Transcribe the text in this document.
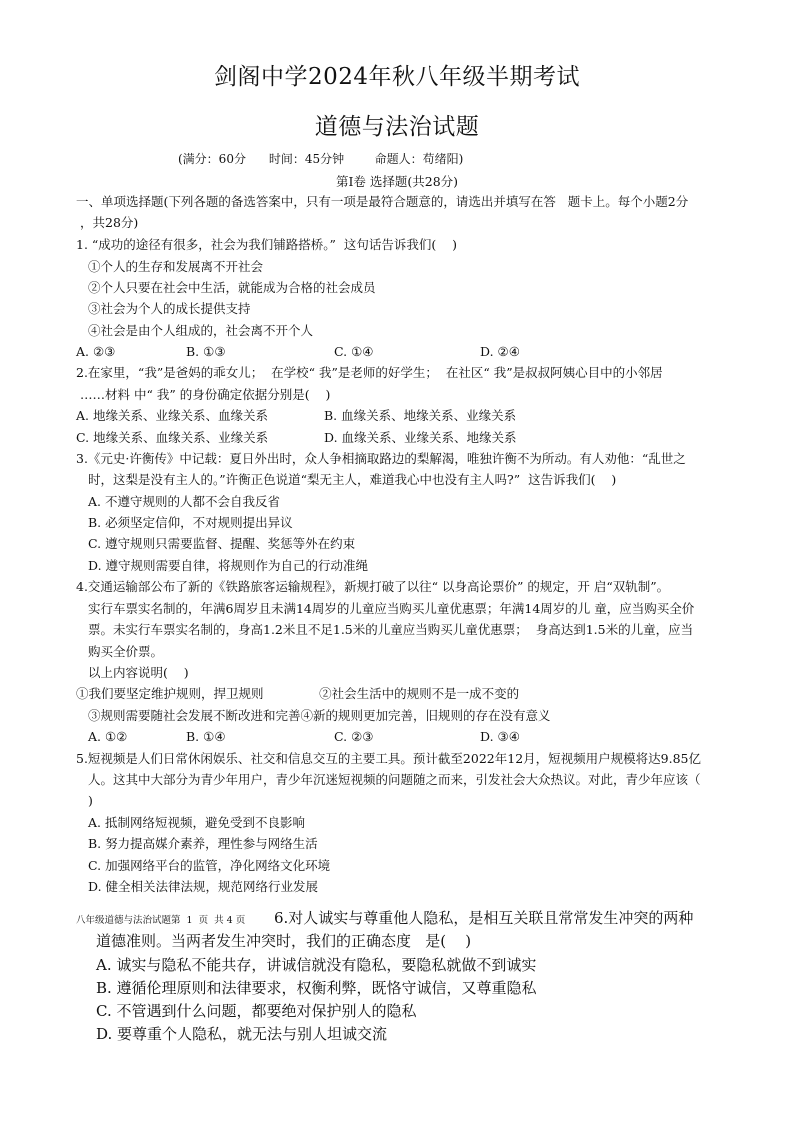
剑阁中学2024年秋八年级半期考试
道德与法治试题
(满分：60分      时间：45分钟        命题人：苟绪阳)
第Ⅰ卷 选择题(共28分)
一、单项选择题(下列各题的备选答案中，只有一项是最符合题意的，请选出并填写在答   题卡上。每个小题2分
，共28分)
1. “成功的途径有很多，社会为我们铺路搭桥。”  这句话告诉我们(    )
①个人的生存和发展离不开社会
②个人只要在社会中生活，就能成为合格的社会成员
③社会为个人的成长提供支持
④社会是由个人组成的，社会离不开个人
A. ②③	B. ①③	C. ①④	D. ②④
2.在家里，“我”是爸妈的乖女儿；  在学校“ 我”是老师的好学生；  在社区“ 我”是叔叔阿姨心目中的小邻居
……材料 中“ 我” 的身份确定依据分别是(    )
A. 地缘关系、业缘关系、血缘关系	B. 血缘关系、地缘关系、业缘关系
C. 地缘关系、血缘关系、业缘关系	D. 血缘关系、业缘关系、地缘关系
3.《元史·许衡传》中记载：夏日外出时，众人争相摘取路边的梨解渴，唯独许衡不为所动。有人劝他：“乱世之
时，这梨是没有主人的。”许衡正色说道“梨无主人，难道我心中也没有主人吗?”  这告诉我们(    )
A. 不遵守规则的人都不会自我反省
B. 必须坚定信仰，不对规则提出异议
C. 遵守规则只需要监督、提醒、奖惩等外在约束
D. 遵守规则需要自律，将规则作为自己的行动准绳
4.交通运输部公布了新的《铁路旅客运输规程》，新规打破了以往“ 以身高论票价” 的规定，开 启“双轨制”。
实行车票实名制的，年满6周岁且未满14周岁的儿童应当购买儿童优惠票；年满14周岁的儿 童，应当购买全价
票。未实行车票实名制的，身高1.2米且不足1.5米的儿童应当购买儿童优惠票；  身高达到1.5米的儿童，应当
购买全价票。
以上内容说明(    )
①我们要坚定维护规则，捍卫规则              ②社会生活中的规则不是一成不变的
③规则需要随社会发展不断改进和完善④新的规则更加完善，旧规则的存在没有意义
A. ①②	B. ①④	C. ②③	D. ③④
5.短视频是人们日常休闲娱乐、社交和信息交互的主要工具。预计截至2022年12月，短视频用户规模将达9.85亿
人。这其中大部分为青少年用户，青少年沉迷短视频的问题随之而来，引发社会大众热议。对此，青少年应该（
)
A. 抵制网络短视频，避免受到不良影响
B. 努力提高媒介素养，理性参与网络生活
C. 加强网络平台的监管，净化网络文化环境
D. 健全相关法律法规，规范网络行业发展
八年级道德与法治试题第  1  页  共 4 页 6.对人诚实与尊重他人隐私，是相互关联且常常发生冲突的两种
道德准则。当两者发生冲突时，我们的正确态度   是(    )
A. 诚实与隐私不能共存，讲诚信就没有隐私，要隐私就做不到诚实
B. 遵循伦理原则和法律要求，权衡利弊，既恪守诚信，又尊重隐私
C. 不管遇到什么问题，都要绝对保护别人的隐私
D. 要尊重个人隐私，就无法与别人坦诚交流
